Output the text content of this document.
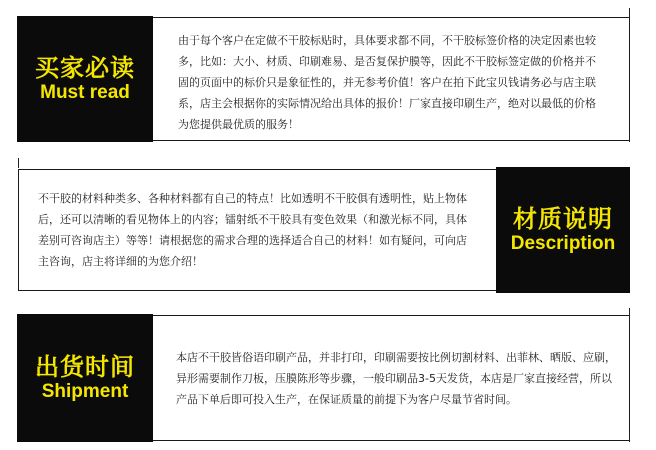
买家必读
Must read
由于每个客户在定做不干胶标贴时，具体要求都不同，不干胶标签价格的决定因素也较
多，比如：大小、材质、印刷难易、是否复保护膜等，因此不干胶标签定做的价格并不
固的页面中的标价只是象征性的，并无参考价值！客户在拍下此宝贝钱请务必与店主联
系，店主会根据你的实际情况给出具体的报价！厂家直接印刷生产，绝对以最低的价格
为您提供最优质的服务！
材质说明
Description
不干胶的材料种类多、各种材料都有自己的特点！比如透明不干胶俱有透明性，贴上物体
后，还可以清晰的看见物体上的内容；镭射纸不干胶具有变色效果（和激光标不同，具体
差别可咨询店主）等等！请根据您的需求合理的选择适合自己的材料！如有疑问，可向店
主咨询，店主将详细的为您介绍！
出货时间
Shipment
本店不干胶皆俗语印刷产品，并非打印，印刷需要按比例切割材料、出菲林、晒版、应刷，
异形需要制作刀板，压膜陈形等步骤，一般印刷品3-5天发货，本店是厂家直接经营，所以
产品下单后即可投入生产，在保证质量的前提下为客户尽量节省时间。
